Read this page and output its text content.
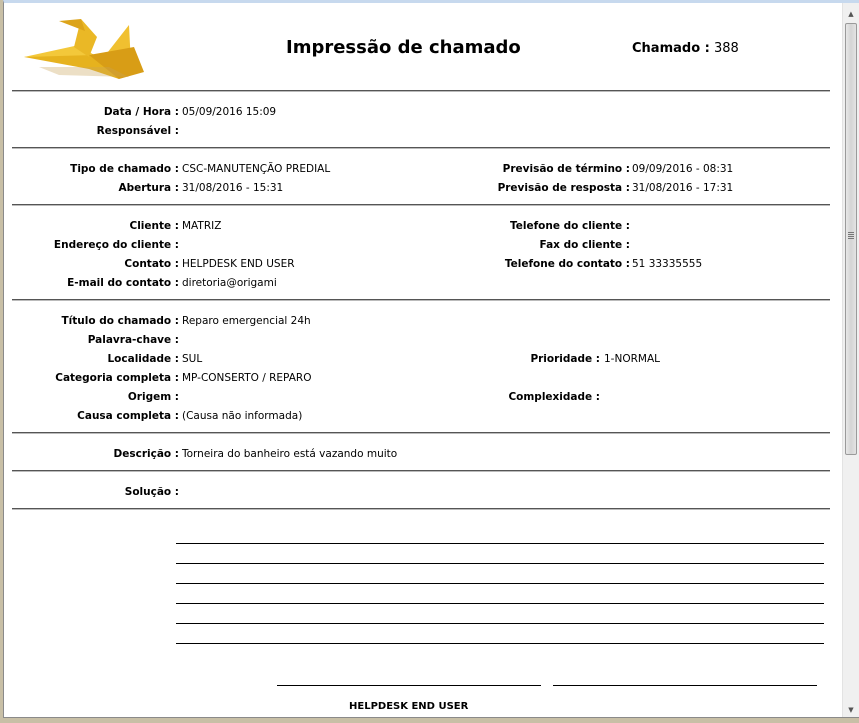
Impressão de chamado	Chamado : 388
Data / Hora : 05/09/2016 15:09
Responsável :
Tipo de chamado : CSC-MANUTENÇÃO PREDIAL
Abertura : 31/08/2016 - 15:31
Previsão de término : 09/09/2016 - 08:31
Previsão de resposta : 31/08/2016 - 17:31
Cliente : MATRIZ
Endereço do cliente :
Contato : HELPDESK END USER
E-mail do contato : diretoria@origami
Telefone do cliente :
Fax do cliente :
Telefone do contato : 51 33335555
Título do chamado : Reparo emergencial 24h
Palavra-chave :
Localidade : SUL
Categoria completa : MP-CONSERTO / REPARO
Origem :
Causa completa : (Causa não informada)
Prioridade : 1-NORMAL
Complexidade :
Descrição : Torneira do banheiro está vazando muito
Solução :
HELPDESK END USER
▲
▼
